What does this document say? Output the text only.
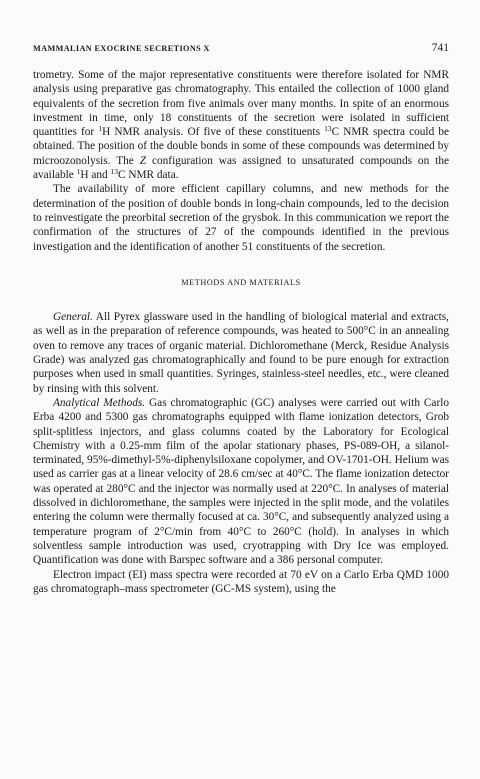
MAMMALIAN EXOCRINE SECRETIONS X	741

trometry. Some of the major representative constituents were therefore isolated for NMR analysis using preparative gas chromatography. This entailed the collection of 1000 gland equivalents of the secretion from five animals over many months. In spite of an enormous investment in time, only 18 constituents of the secretion were isolated in sufficient quantities for $^1$H NMR analysis. Of five of these constituents $^{13}$C NMR spectra could be obtained. The position of the double bonds in some of these compounds was determined by microozonolysis. The Z configuration was assigned to unsaturated compounds on the available $^1$H and $^{13}$C NMR data.

The availability of more efficient capillary columns, and new methods for the determination of the position of double bonds in long-chain compounds, led to the decision to reinvestigate the preorbital secretion of the grysbok. In this communication we report the confirmation of the structures of 27 of the compounds identified in the previous investigation and the identification of another 51 constituents of the secretion.

METHODS AND MATERIALS

General. All Pyrex glassware used in the handling of biological material and extracts, as well as in the preparation of reference compounds, was heated to 500°C in an annealing oven to remove any traces of organic material. Dichloromethane (Merck, Residue Analysis Grade) was analyzed gas chromatographically and found to be pure enough for extraction purposes when used in small quantities. Syringes, stainless-steel needles, etc., were cleaned by rinsing with this solvent.

Analytical Methods. Gas chromatographic (GC) analyses were carried out with Carlo Erba 4200 and 5300 gas chromatographs equipped with flame ionization detectors, Grob split-splitless injectors, and glass columns coated by the Laboratory for Ecological Chemistry with a 0.25-mm film of the apolar stationary phases, PS-089-OH, a silanol-terminated, 95%-dimethyl-5%-diphenylsiloxane copolymer, and OV-1701-OH. Helium was used as carrier gas at a linear velocity of 28.6 cm/sec at 40°C. The flame ionization detector was operated at 280°C and the injector was normally used at 220°C. In analyses of material dissolved in dichloromethane, the samples were injected in the split mode, and the volatiles entering the column were thermally focused at ca. 30°C, and subsequently analyzed using a temperature program of 2°C/min from 40°C to 260°C (hold). In analyses in which solventless sample introduction was used, cryotrapping with Dry Ice was employed. Quantification was done with Barspec software and a 386 personal computer.

Electron impact (EI) mass spectra were recorded at 70 eV on a Carlo Erba QMD 1000 gas chromatograph–mass spectrometer (GC-MS system), using the
